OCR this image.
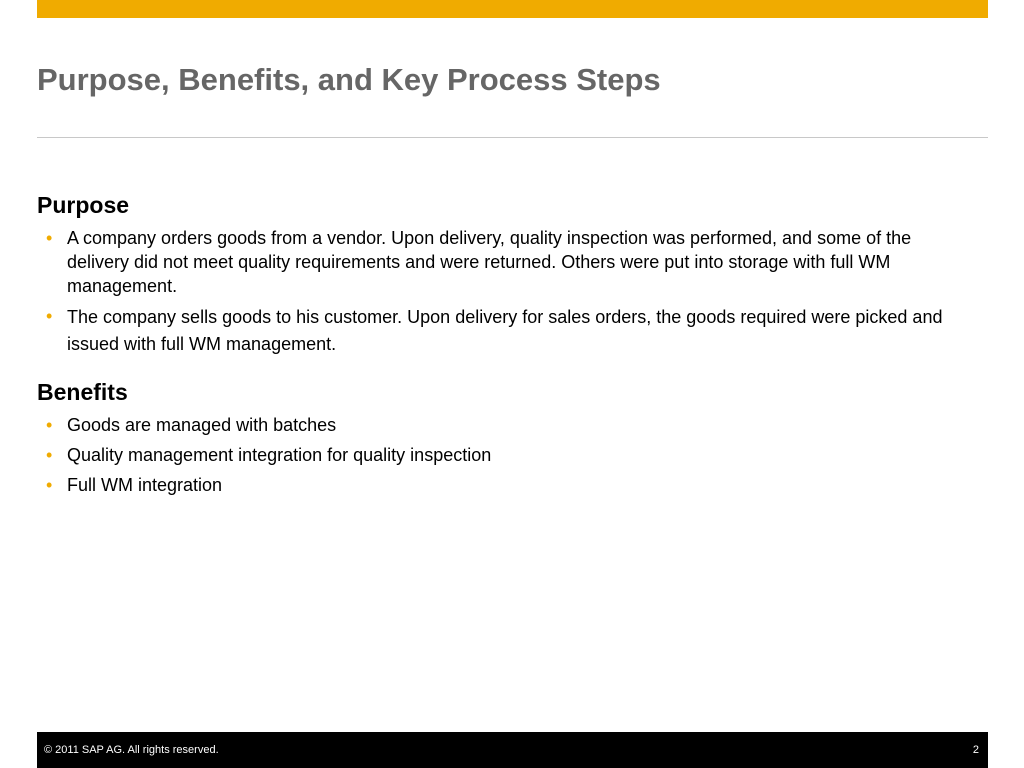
Purpose, Benefits, and Key Process Steps
Purpose
• A company orders goods from a vendor. Upon delivery, quality inspection was performed, and some of the delivery did not meet quality requirements and were returned. Others were put into storage with full WM management.
• The company sells goods to his customer. Upon delivery for sales orders, the goods required were picked and issued with full WM management.
Benefits
• Goods are managed with batches
• Quality management integration for quality inspection
• Full WM integration
© 2011 SAP AG. All rights reserved.	2
